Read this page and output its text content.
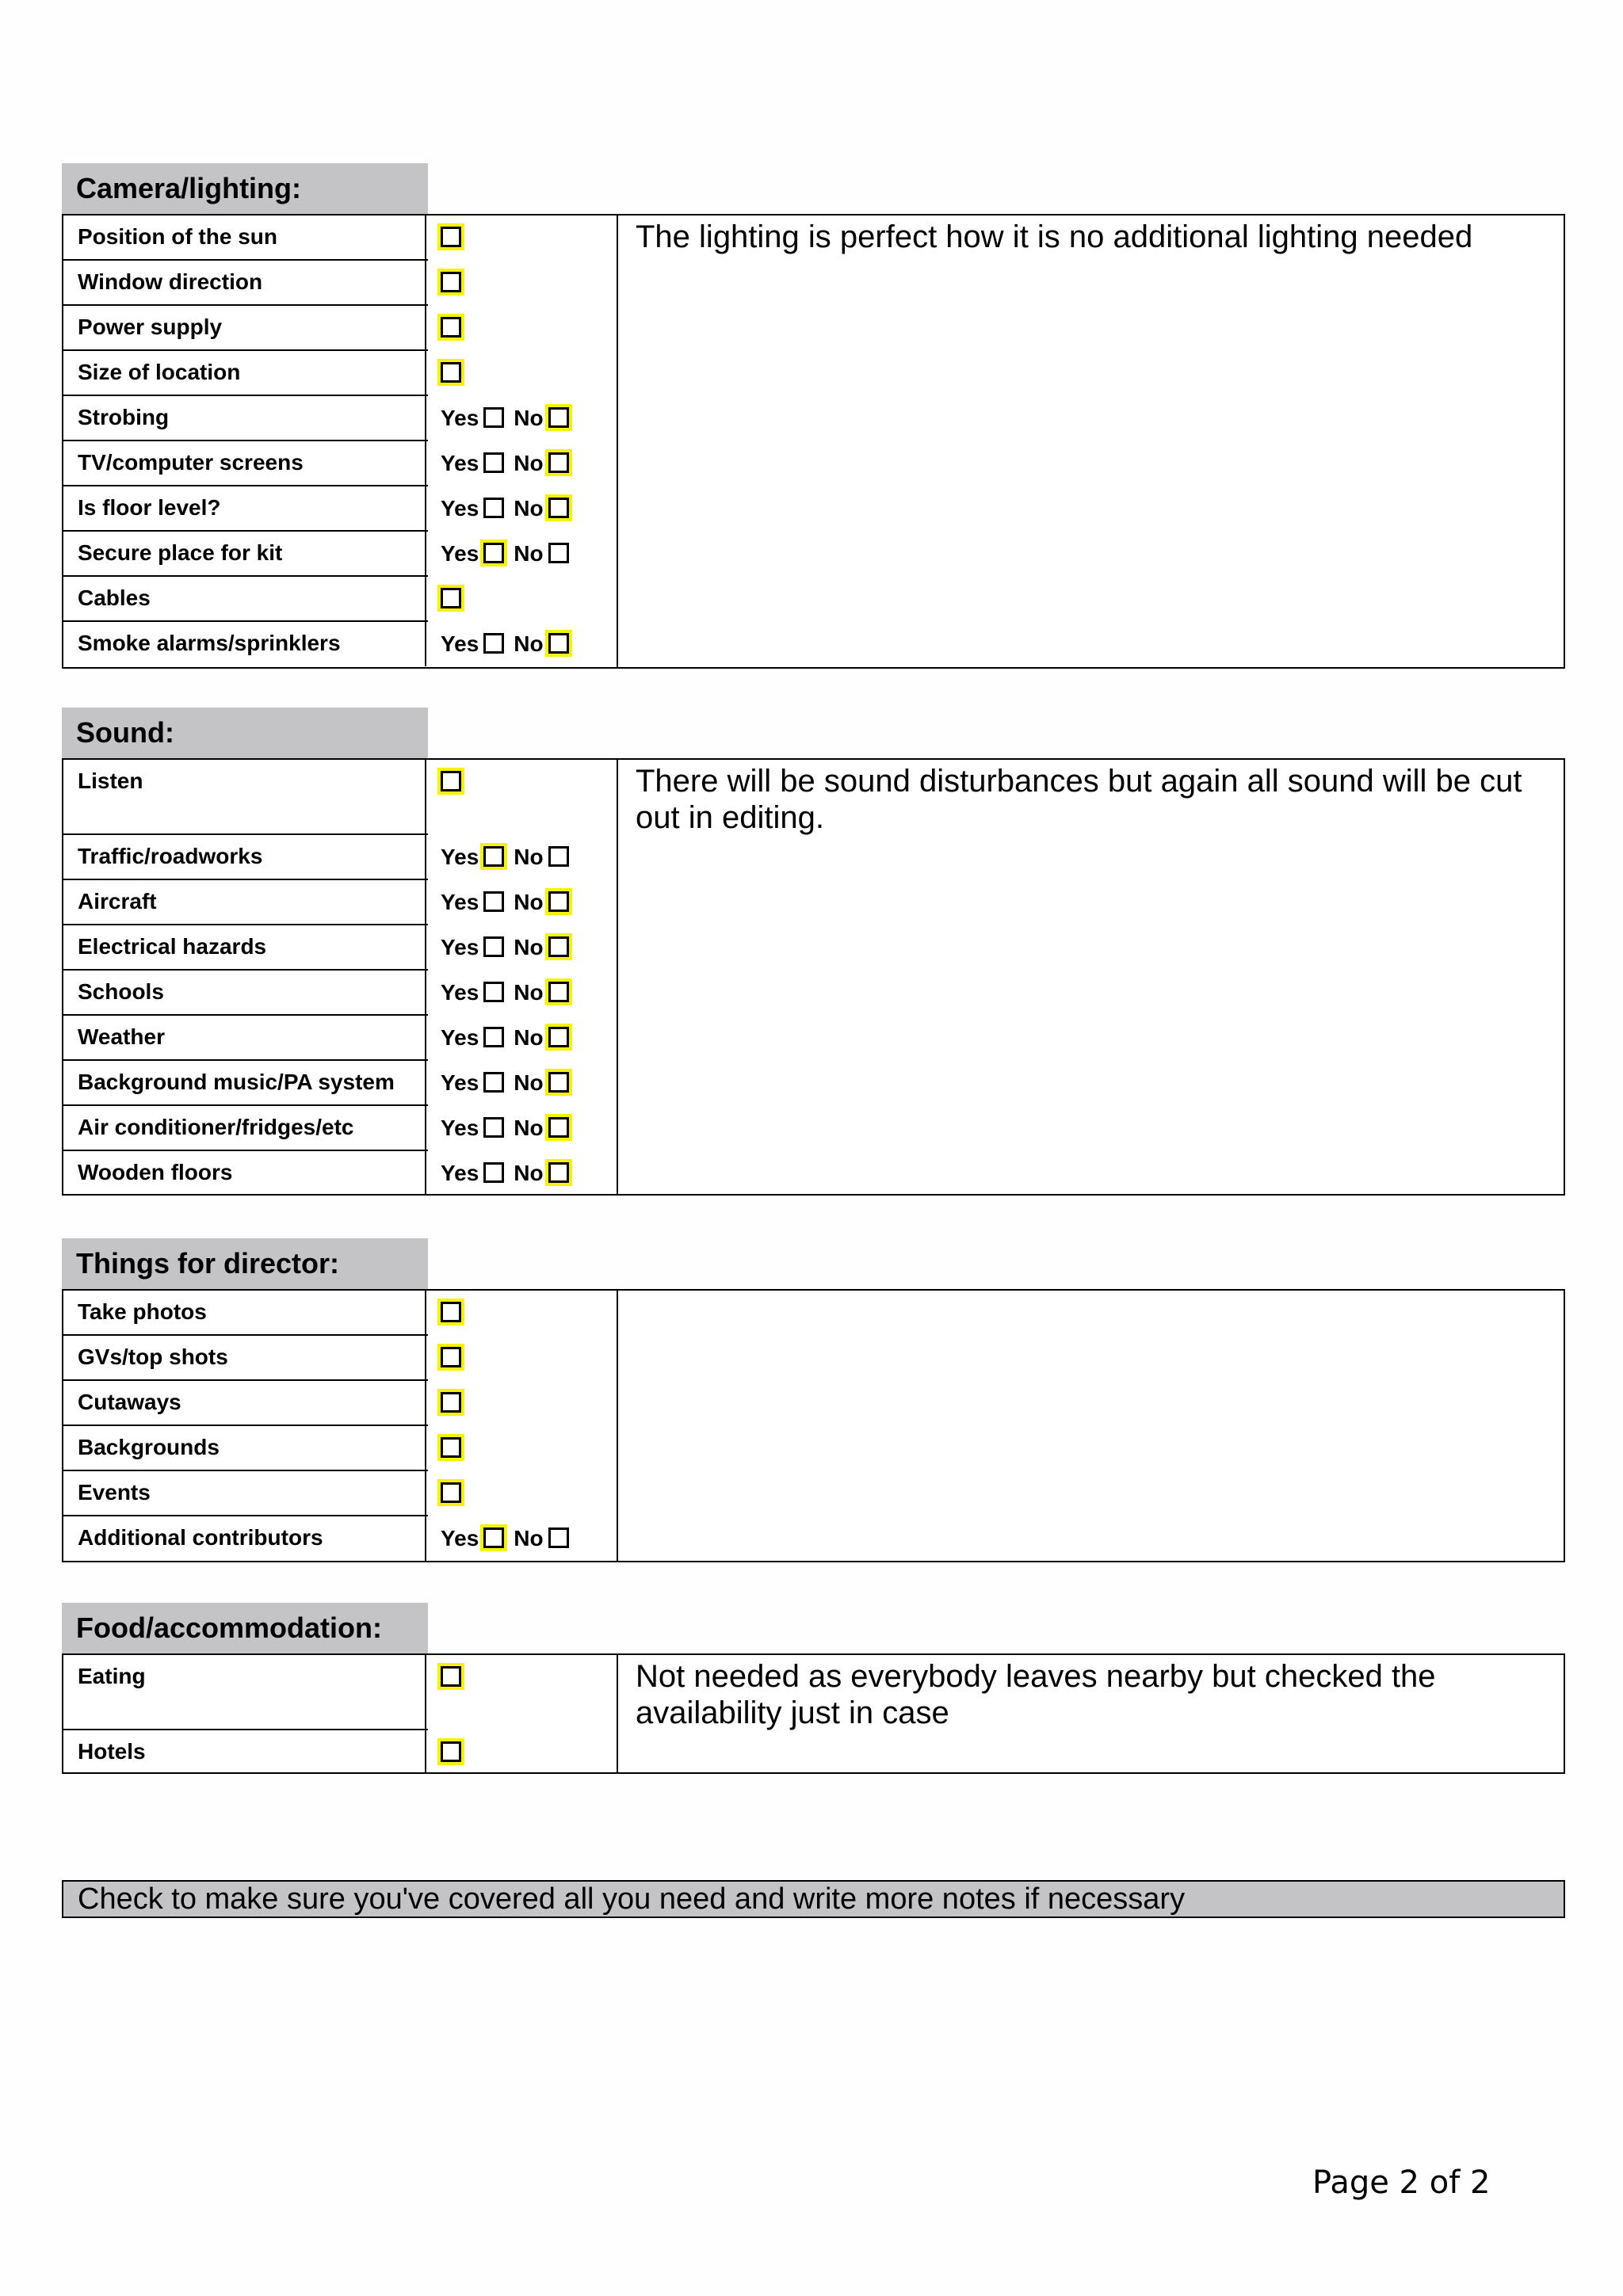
Camera/lighting:
Position of the sun
Window direction
Power supply
Size of location
Strobing	Yes No
TV/computer screens	Yes No
Is floor level?	Yes No
Secure place for kit	Yes No
Cables
Smoke alarms/sprinklers	Yes No
The lighting is perfect how it is no additional lighting needed
Sound:
Listen
Traffic/roadworks	Yes No
Aircraft	Yes No
Electrical hazards	Yes No
Schools	Yes No
Weather	Yes No
Background music/PA system	Yes No
Air conditioner/fridges/etc	Yes No
Wooden floors	Yes No
There will be sound disturbances but again all sound will be cut out in editing.
Things for director:
Take photos
GVs/top shots
Cutaways
Backgrounds
Events
Additional contributors	Yes No
Food/accommodation:
Eating
Hotels
Not needed as everybody leaves nearby but checked the availability just in case
Check to make sure you've covered all you need and write more notes if necessary
Page 2 of 2
